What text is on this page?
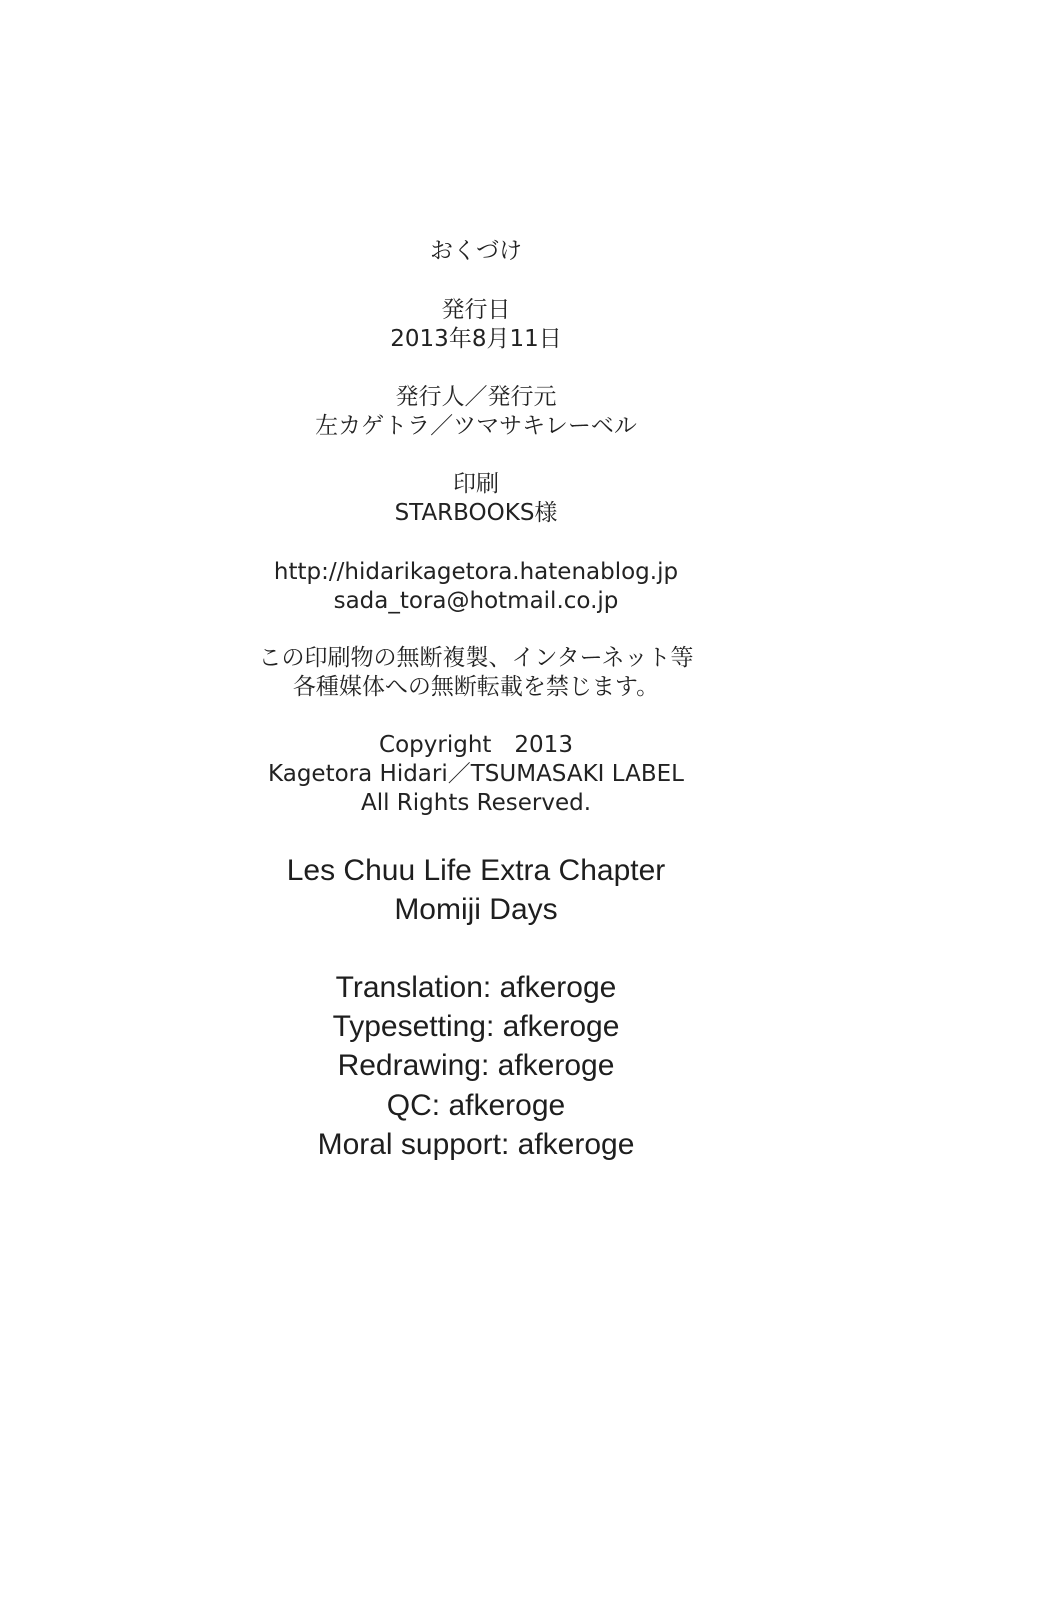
おくづけ
発行日
2013年8月11日
発行人／発行元
左カゲトラ／ツマサキレーベル
印刷
STARBOOKS様
http://hidarikagetora.hatenablog.jp
sada_tora@hotmail.co.jp
この印刷物の無断複製、インターネット等
各種媒体への無断転載を禁じます。
Copyright　2013
Kagetora Hidari／TSUMASAKI LABEL
All Rights Reserved.
Les Chuu Life Extra Chapter
Momiji Days
Translation: afkeroge
Typesetting: afkeroge
Redrawing: afkeroge
QC: afkeroge
Moral support: afkeroge
